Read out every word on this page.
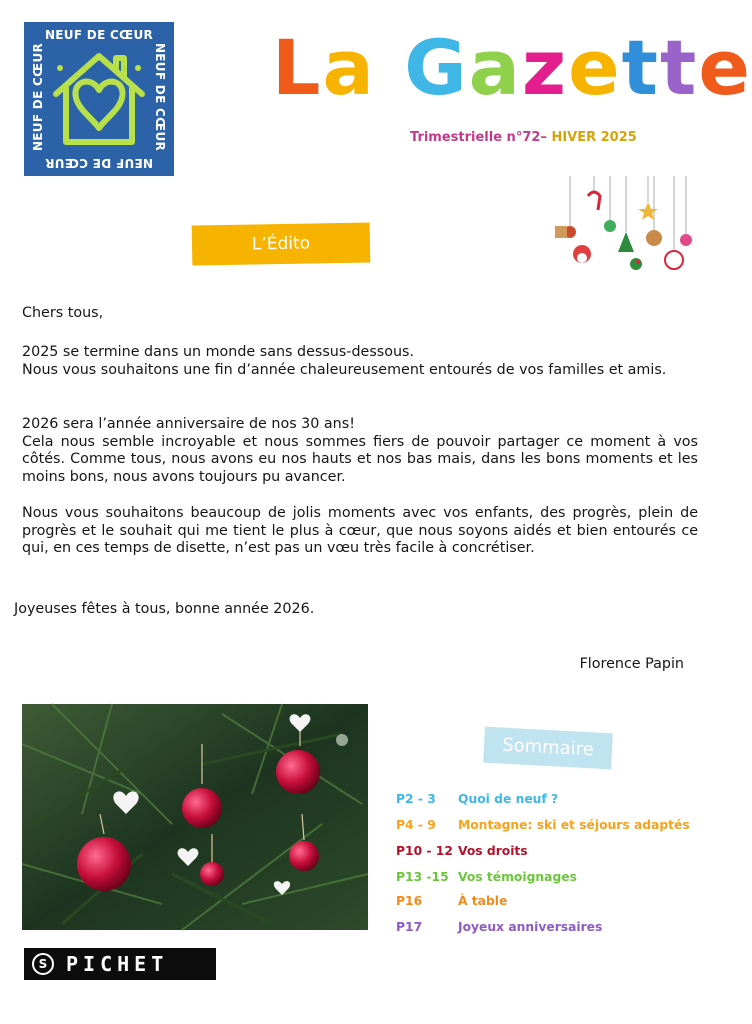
NEUF DE CŒUR
NEUF DE CŒUR
NEUF DE CŒUR
NEUF DE CŒUR	La Gazette
Trimestrielle n°72– HIVER 2025
L’Édito
Chers tous,
2025 se termine dans un monde sans dessus-dessous.
Nous vous souhaitons une fin d’année chaleureusement entourés de vos familles et amis.
2026 sera l’année anniversaire de nos 30 ans!
Cela nous semble incroyable et nous sommes fiers de pouvoir partager ce moment à vos côtés. Comme tous, nous avons eu nos hauts et nos bas mais, dans les bons moments et les moins bons, nous avons toujours pu avancer.
Nous vous souhaitons beaucoup de jolis moments avec vos enfants, des progrès, plein de progrès et le souhait qui me tient le plus à cœur, que nous soyons aidés et bien entourés ce qui, en ces temps de disette, n’est pas un vœu très facile à concrétiser.
Joyeuses fêtes à tous, bonne année 2026.
Florence Papin
Sommaire
P2 - 3 Quoi de neuf ?
P4 - 9 Montagne: ski et séjours adaptés
P10 - 12 Vos droits
P13 -15 Vos témoignages
P16	À table
P17	Joyeux anniversaires
S PICHET
